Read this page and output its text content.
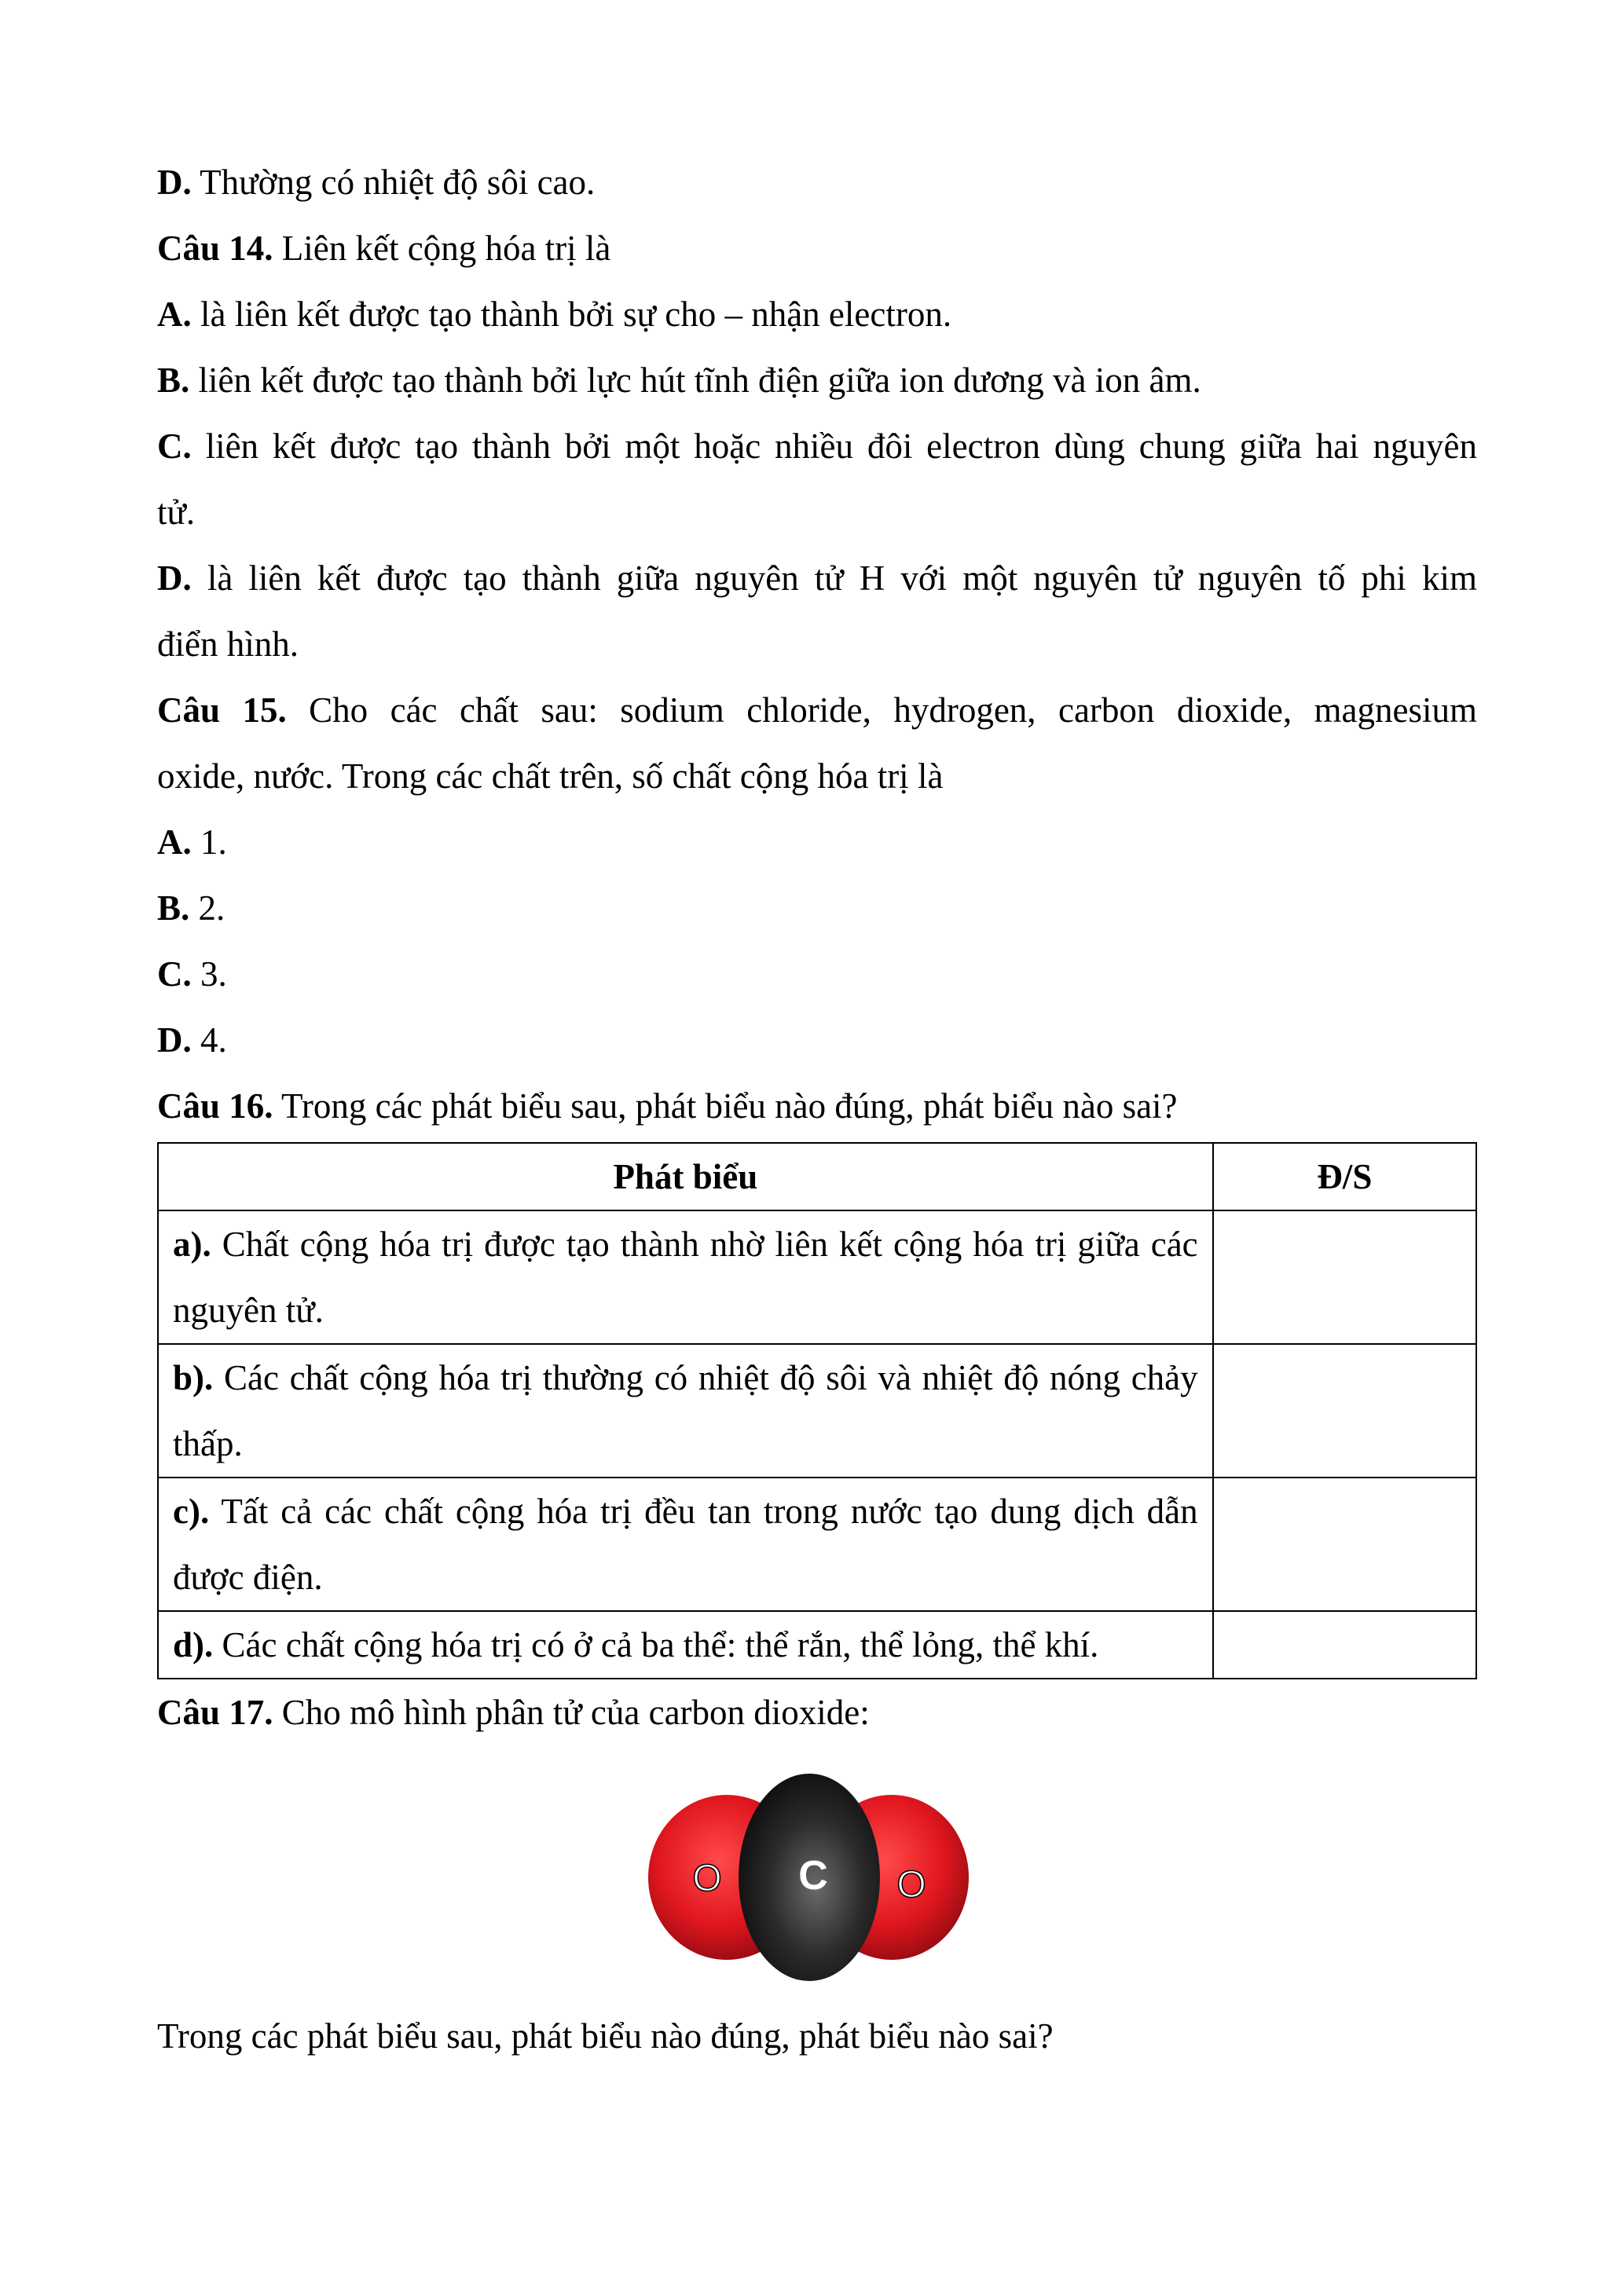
D. Thường có nhiệt độ sôi cao.

Câu 14. Liên kết cộng hóa trị là

A. là liên kết được tạo thành bởi sự cho – nhận electron.

B. liên kết được tạo thành bởi lực hút tĩnh điện giữa ion dương và ion âm.

C. liên kết được tạo thành bởi một hoặc nhiều đôi electron dùng chung giữa hai nguyên

tử.

D. là liên kết được tạo thành giữa nguyên tử H với một nguyên tử nguyên tố phi kim

điển hình.

Câu 15. Cho các chất sau: sodium chloride, hydrogen, carbon dioxide, magnesium

oxide, nước. Trong các chất trên, số chất cộng hóa trị là

A. 1.

B. 2.

C. 3.

D. 4.

Câu 16. Trong các phát biểu sau, phát biểu nào đúng, phát biểu nào sai?

Phát biểu	Đ/S

a). Chất cộng hóa trị được tạo thành nhờ liên kết cộng hóa trị giữa các
nguyên tử.	

b). Các chất cộng hóa trị thường có nhiệt độ sôi và nhiệt độ nóng chảy
thấp.	

c). Tất cả các chất cộng hóa trị đều tan trong nước tạo dung dịch dẫn
được điện.	

d). Các chất cộng hóa trị có ở cả ba thể: thể rắn, thể lỏng, thể khí.	

Câu 17. Cho mô hình phân tử của carbon dioxide:

O C O

Trong các phát biểu sau, phát biểu nào đúng, phát biểu nào sai?
